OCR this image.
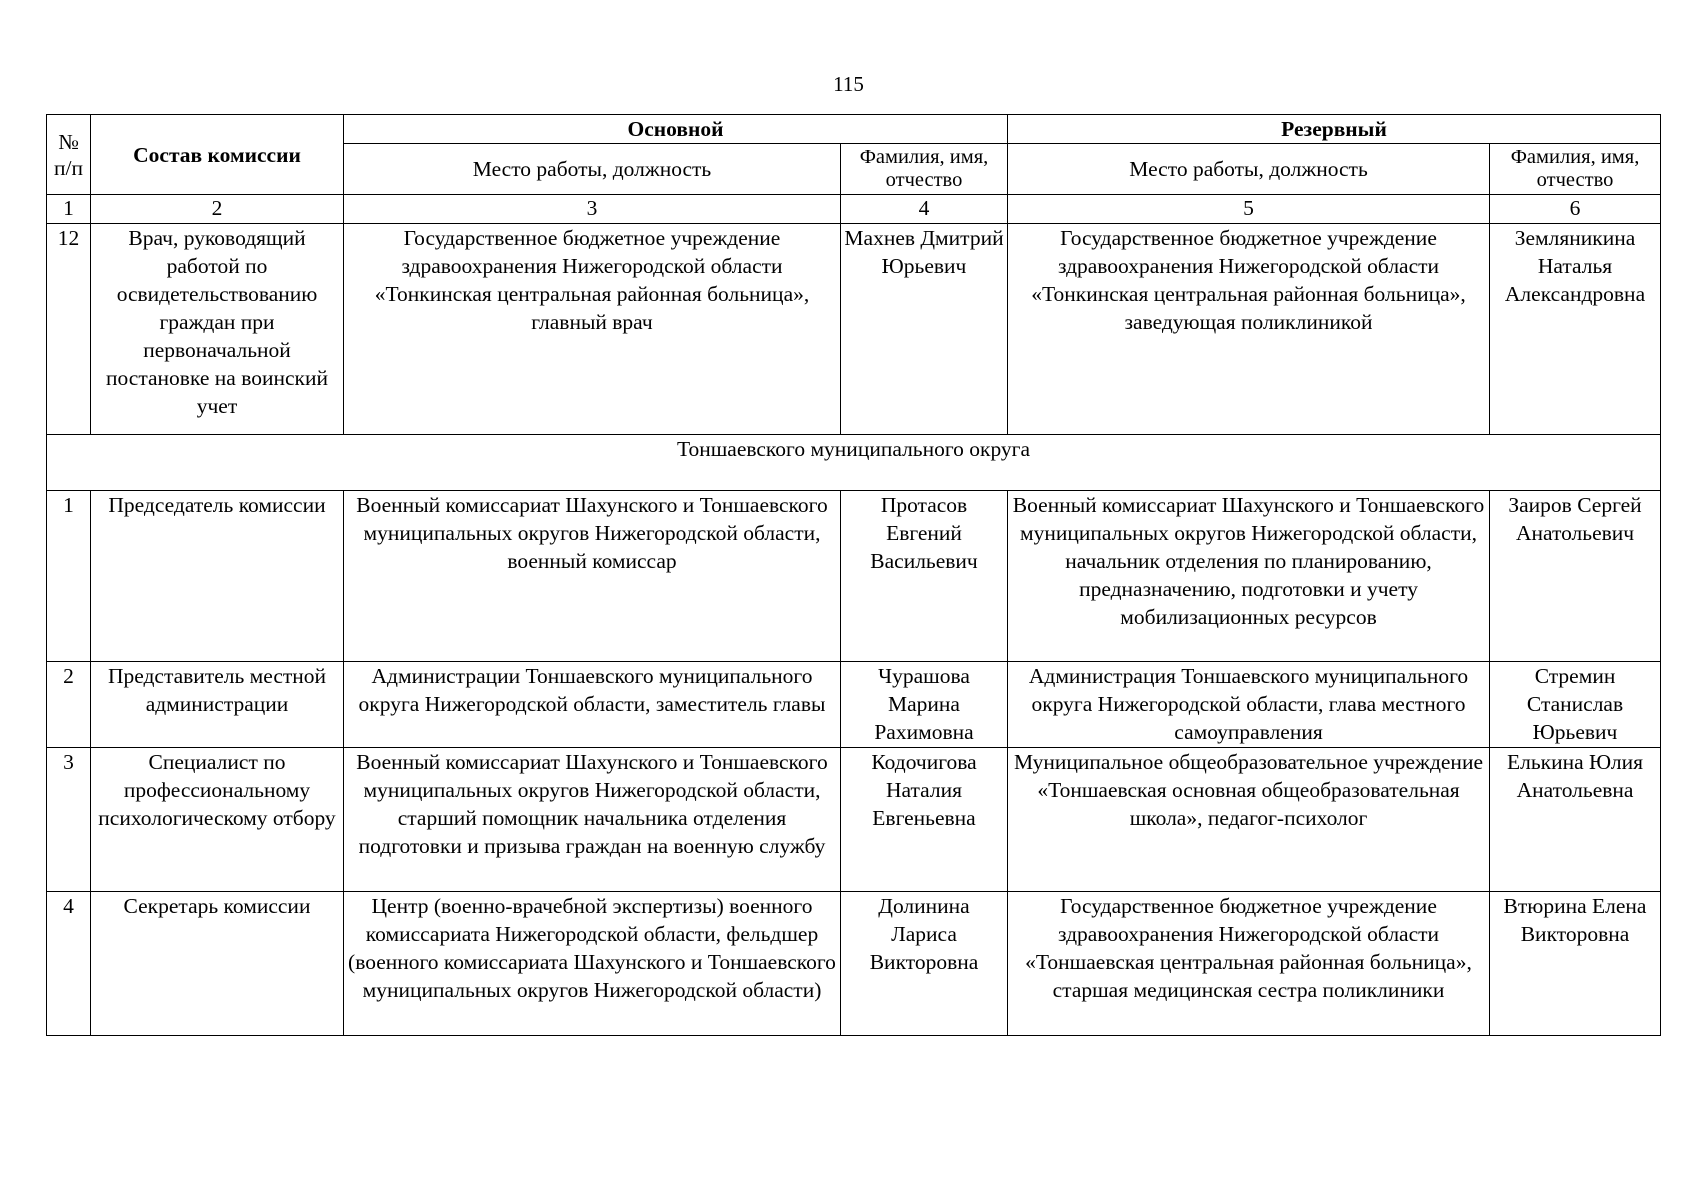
115
№ п/п	Состав комиссии	Основной		Резервный	
		Место работы, должность	Фамилия, имя, отчество	Место работы, должность	Фамилия, имя, отчество
1	2	3	4	5	6
12	Врач, руководящий работой по освидетельствованию граждан при первоначальной постановке на воинский учет	Государственное бюджетное учреждение здравоохранения Нижегородской области «Тонкинская центральная районная больница», главный врач	Махнев Дмитрий Юрьевич	Государственное бюджетное учреждение здравоохранения Нижегородской области «Тонкинская центральная районная больница», заведующая поликлиникой	Земляникина Наталья Александровна
Тоншаевского муниципального округа					
1	Председатель комиссии	Военный комиссариат Шахунского и Тоншаевского муниципальных округов Нижегородской области, военный комиссар	Протасов Евгений Васильевич	Военный комиссариат Шахунского и Тоншаевского муниципальных округов Нижегородской области, начальник отделения по планированию, предназначению, подготовки и учету мобилизационных ресурсов	Заиров Сергей Анатольевич
2	Представитель местной администрации	Администрации Тоншаевского муниципального округа Нижегородской области, заместитель главы	Чурашова Марина Рахимовна	Администрация Тоншаевского муниципального округа Нижегородской области, глава местного самоуправления	Стремин Станислав Юрьевич
3	Специалист по профессиональному психологическому отбору	Военный комиссариат Шахунского и Тоншаевского муниципальных округов Нижегородской области, старший помощник начальника отделения подготовки и призыва граждан на военную службу	Кодочигова Наталия Евгеньевна	Муниципальное общеобразовательное учреждение «Тоншаевская основная общеобразовательная школа», педагог-психолог	Елькина Юлия Анатольевна
4	Секретарь комиссии	Центр (военно-врачебной экспертизы) военного комиссариата Нижегородской области, фельдшер (военного комиссариата Шахунского и Тоншаевского муниципальных округов Нижегородской области)	Долинина Лариса Викторовна	Государственное бюджетное учреждение здравоохранения Нижегородской области «Тоншаевская центральная районная больница», старшая медицинская сестра поликлиники	Втюрина Елена Викторовна
